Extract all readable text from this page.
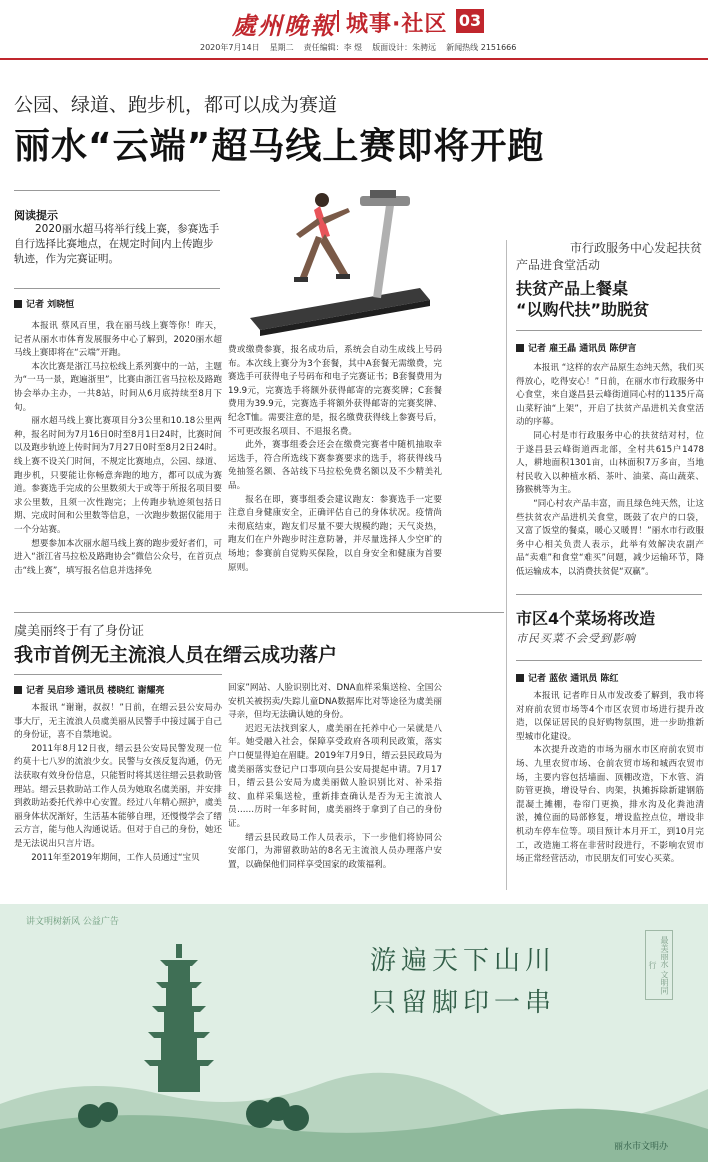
處州晚報 城事·社区 03
2020年7月14日 星期二 责任编辑：李 煜 版面设计：朱骋远 新闻热线 2151666
公园、绿道、跑步机，都可以成为赛道
丽水“云端”超马线上赛即将开跑
阅读提示
2020丽水超马将举行线上赛，参赛选手自行选择比赛地点，在规定时间内上传跑步轨迹，作为完赛证明。
记者 刘晓恒

本报讯 蔡风百里，我在丽马线上赛等你！昨天，记者从丽水市体育发展服务中心了解到，2020丽水超马线上赛即将在“云端”开跑。

本次比赛是浙江马拉松线上系列赛中的一站，主题为“一马一景，跑遍浙里”，比赛由浙江省马拉松及路跑协会举办主办，一共8站，时间从6月底持续至8月下旬。

丽水超马线上赛比赛项目分3公里和10.18公里两种，报名时间为7月16日0时至8月1日24时，比赛时间以及跑步轨迹上传时间为7月27日0时至8月2日24时。线上赛不设关门时间，不规定比赛地点，公园、绿道、跑步机，只要能让你畅意奔跑的地方，都可以成为赛道。参赛选手完成的公里数须大于或等于所报名项目要求公里数，且须一次性跑完；上传跑步轨迹须包括日期、完成时间和公里数等信息，一次跑步数据仅能用于一个分站赛。

想要参加本次丽水超马线上赛的跑步爱好者们，可进入“浙江省马拉松及路跑协会”微信公众号，在首页点击“线上赛”，填写报名信息并选择免

费或缴费参赛，报名成功后，系统会自动生成线上号码布。本次线上赛分为3个套餐，其中A套餐无需缴费，完赛选手可获得电子号码布和电子完赛证书；B套餐费用为19.9元，完赛选手将额外获得邮寄的完赛奖牌；C套餐费用为39.9元，完赛选手将额外获得邮寄的完赛奖牌、纪念T恤。需要注意的是，报名缴费获得线上参赛号后，不可更改报名项目、不退报名费。

此外，赛事组委会还会在缴费完赛者中随机抽取幸运选手，符合所选线下赛参赛要求的选手，将获得线马免抽签名额、各站线下马拉松免费名额以及不少精美礼品。

报名在即，赛事组委会建议跑友：参赛选手一定要注意自身健康安全，正确评估自己的身体状况。疫情尚未彻底结束，跑友们尽量不要大规模约跑；天气炎热，跑友们在户外跑步时注意防暑，并尽量选择人少空旷的场地；参赛前自觉购买保险，以自身安全和健康为首要原则。

市行政服务中心发起扶贫
产品进食堂活动
扶贫产品上餐桌
“以购代扶”助脱贫
记者 雇王晶 通讯员 陈伊言

本报讯 “这样的农产品原生态纯天然，我们买得放心，吃得安心！”日前，在丽水市行政服务中心食堂，来自遂昌县云峰街道同心村的1135斤高山菜籽油“上架”，开启了扶贫产品进机关食堂活动的序幕。

同心村是市行政服务中心的扶贫结对村，位于遂昌县云峰街道西北部，全村共615户1478人，耕地面积1301亩，山林面积7万多亩，当地村民收入以种植水稻、茶叶、油菜、高山蔬菜、猕猴桃等为主。

“同心村农产品丰富，而且绿色纯天然，让这些扶贫农产品进机关食堂，既鼓了农户的口袋，又富了饭堂的餐桌，暖心又暖胃！”丽水市行政服务中心相关负责人表示，此举有效解决农副产品“卖难”和食堂“难买”问题，减少运输环节，降低运输成本，以消费扶贫促“双赢”。

市区4个菜场将改造
市民买菜不会受到影响
记者 蓝依 通讯员 陈红

本报讯 记者昨日从市发改委了解到，我市将对府前农贸市场等4个市区农贸市场进行提升改造，以保证居民的良好购物氛围，进一步助推新型城市化建设。

本次提升改造的市场为丽水市区府前农贸市场、九里农贸市场、仓前农贸市场和城西农贸市场，主要内容包括墙面、顶棚改造，下水管、消防管更换，增设导台、肉架，执摊拆除新建钢筋混凝土摊棚，卷帘门更换，排水沟及化粪池清淤，摊位面的局部修复，增设监控点位，增设非机动车停车位等。项目预计本月开工，到10月完工，改造施工将在非营时段进行，不影响农贸市场正常经营活动，市民朋友们可安心买菜。

虞美丽终于有了身份证
我市首例无主流浪人员在缙云成功落户
记者 吴启珍 通讯员 楼晓红 谢耀亮

本报讯 “谢谢，叔叔！”日前，在缙云县公安局办事大厅，无主流浪人员虞美丽从民警手中接过属于自己的身份证，喜不自禁地说。

2011年8月12日夜，缙云县公安局民警发现一位约莫十七八岁的流浪少女。民警与女孩反复沟通，仍无法获取有效身份信息，只能暂时将其送往缙云县救助管理站。缙云县救助站工作人员为她取名虞美丽，并安排到救助站委托代养中心安置。经过八年精心照护，虞美丽身体状况渐好，生活基本能够自理，还慢慢学会了缙云方言，能与他人沟通说话。但对于自己的身份，她还是无法说出只言片语。

2011年至2019年期间，工作人员通过“宝贝

回家”网站、人脸识别比对、DNA血样采集送检、全国公安机关被拐卖/失踪儿童DNA数据库比对等途径为虞美丽寻亲，但均无法确认她的身份。

迟迟无法找到家人，虞美丽在托养中心一呆就是八年。她受融入社会，保障享受政府各项利民政策，落实户口便显得迫在眉睫。2019年7月9日，缙云县民政局为虞美丽落实登记户口事项向县公安局提起申请。7月17日，缙云县公安局为虞美丽做人脸识别比对、补采指纹、血样采集送检，重新排查确认是否为无主流浪人员……历时一年多时间，虞美丽终于拿到了自己的身份证。

缙云县民政局工作人员表示，下一步他们将协同公安部门，为滞留救助站的8名无主流浪人员办理落户安置，以确保他们同样享受国家的政策福利。

讲文明树新风 公益广告
游遍天下山川
只留脚印一串
最美丽水 文明同行
丽水市文明办
